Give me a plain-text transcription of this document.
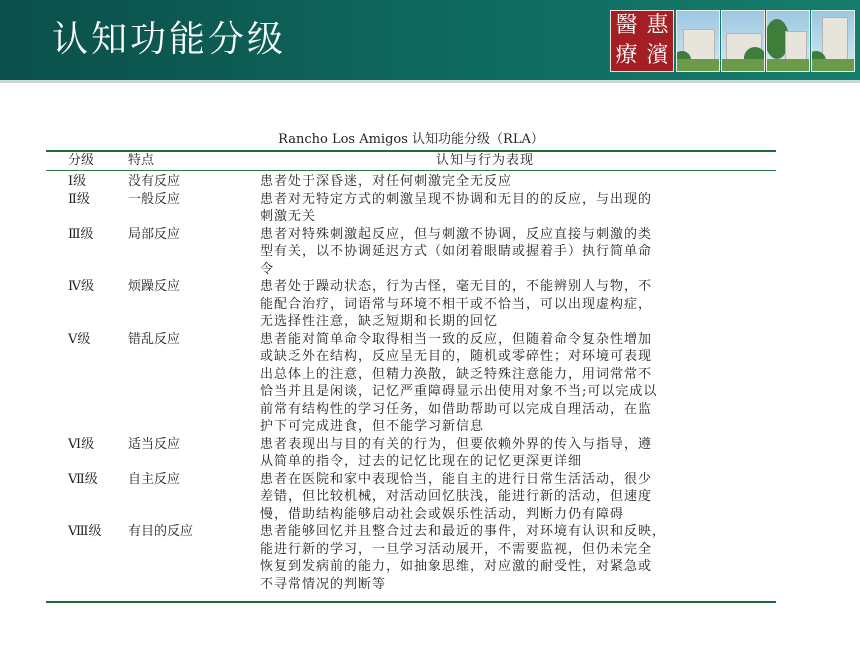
认知功能分级	醫 惠
療 濱
Rancho Los Amigos 认知功能分级（RLA）
分级	特点	认知与行为表现
Ⅰ级	没有反应	患者处于深昏迷，对任何刺激完全无反应
Ⅱ级	一般反应	患者对无特定方式的刺激呈现不协调和无目的的反应，与出现的
刺激无关
Ⅲ级	局部反应	患者对特殊刺激起反应，但与刺激不协调，反应直接与刺激的类
型有关，以不协调延迟方式（如闭着眼睛或握着手）执行简单命
令
Ⅳ级	烦躁反应	患者处于躁动状态，行为古怪，毫无目的，不能辨别人与物，不
能配合治疗，词语常与环境不相干或不恰当，可以出现虚构症，
无选择性注意，缺乏短期和长期的回忆
Ⅴ级	错乱反应	患者能对简单命令取得相当一致的反应，但随着命令复杂性增加
或缺乏外在结构，反应呈无目的，随机或零碎性；对环境可表现
出总体上的注意，但精力涣散，缺乏特殊注意能力，用词常常不
恰当并且是闲谈，记忆严重障碍显示出使用对象不当;可以完成以
前常有结构性的学习任务，如借助帮助可以完成自理活动，在监
护下可完成进食，但不能学习新信息
Ⅵ级	适当反应	患者表现出与目的有关的行为，但要依赖外界的传入与指导，遵
从简单的指令，过去的记忆比现在的记忆更深更详细
Ⅶ级	自主反应	患者在医院和家中表现恰当，能自主的进行日常生活活动，很少
差错，但比较机械，对活动回忆肤浅，能进行新的活动，但速度
慢，借助结构能够启动社会或娱乐性活动，判断力仍有障碍
Ⅷ级	有目的反应	患者能够回忆并且整合过去和最近的事件，对环境有认识和反映，
能进行新的学习，一旦学习活动展开，不需要监视，但仍未完全
恢复到发病前的能力，如抽象思维，对应激的耐受性，对紧急或
不寻常情况的判断等
